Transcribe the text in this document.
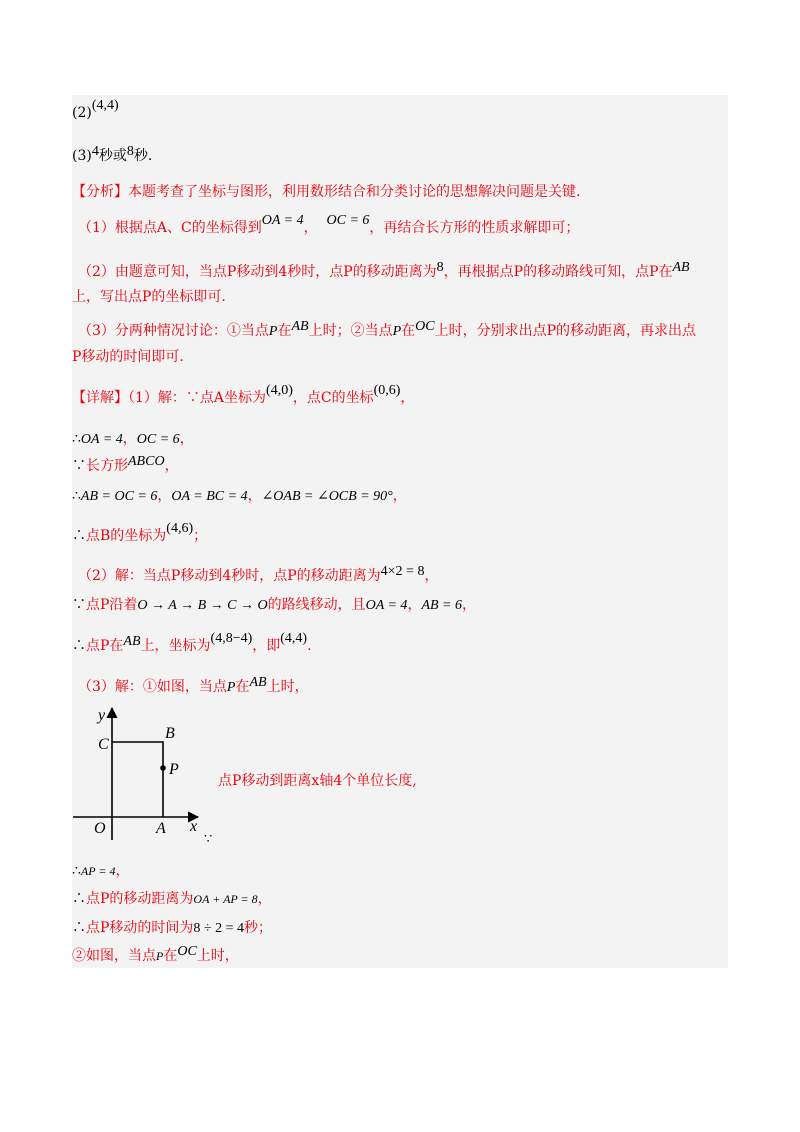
(2)(4,4)
(3)4秒或8秒.
【分析】本题考查了坐标与图形，利用数形结合和分类讨论的思想解决问题是关键.
（1）根据点A、C的坐标得到OA = 4， OC = 6，再结合长方形的性质求解即可；
（2）由题意可知，当点P移动到4秒时，点P的移动距离为8，再根据点P的移动路线可知，点P在AB
上，写出点P的坐标即可.
（3）分两种情况讨论：①当点P在AB上时；②当点P在OC上时，分别求出点P的移动距离，再求出点
P移动的时间即可.
【详解】（1）解：∵点A坐标为(4,0)，点C的坐标(0,6)，
∴OA = 4，OC = 6，
∵长方形ABCO，
∴AB = OC = 6，OA = BC = 4，∠OAB = ∠OCB = 90°，
∴点B的坐标为(4,6)；
（2）解：当点P移动到4秒时，点P的移动距离为4×2 = 8，
∵点P沿着O → A → B → C → O的路线移动，且OA = 4，AB = 6，
∴点P在AB上，坐标为(4,8−4)，即(4,4).
（3）解：①如图，当点P在AB上时，
y
C
B
P
O	A x
点P移动到距离x轴4个单位长度,
∵
∴AP = 4，
∴点P的移动距离为OA + AP = 8，
∴点P移动的时间为8 ÷ 2 = 4秒；
②如图，当点P在OC上时，
